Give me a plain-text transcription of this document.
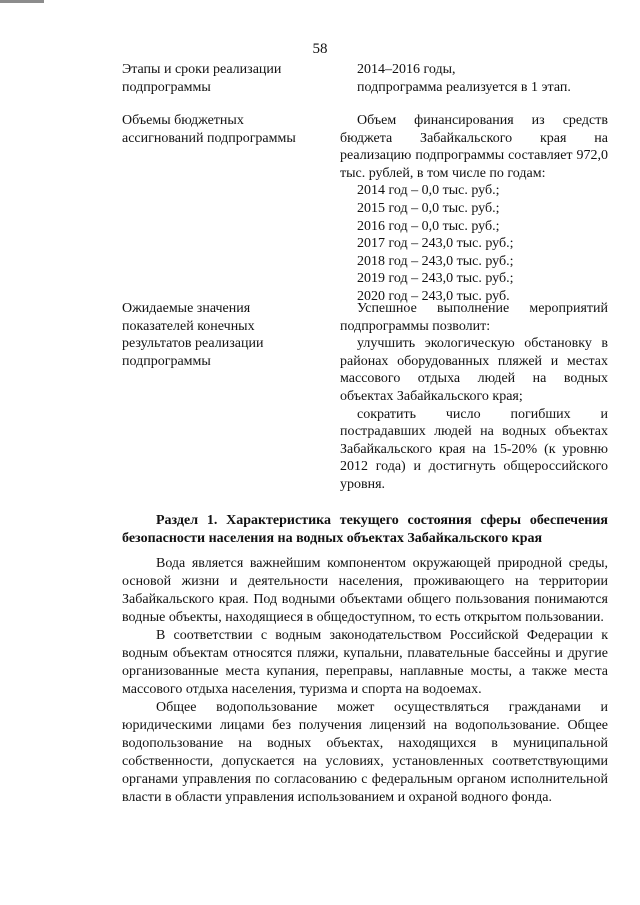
58
Этапы и сроки реализации
подпрограммы
2014–2016 годы,
подпрограмма реализуется в 1 этап.
Объемы бюджетных
ассигнований подпрограммы
Объем финансирования из средств бюджета Забайкальского края на реализацию подпрограммы составляет 972,0 тыс. рублей, в том числе по годам:
2014 год – 0,0 тыс. руб.;
2015 год – 0,0 тыс. руб.;
2016 год – 0,0 тыс. руб.;
2017 год – 243,0 тыс. руб.;
2018 год – 243,0 тыс. руб.;
2019 год – 243,0 тыс. руб.;
2020 год – 243,0 тыс. руб.
Ожидаемые значения
показателей конечных
результатов реализации
подпрограммы
Успешное выполнение мероприятий подпрограммы позволит:
улучшить экологическую обстановку в районах оборудованных пляжей и местах массового отдыха людей на водных объектах Забайкальского края;
сократить число погибших и пострадавших людей на водных объектах Забайкальского края на 15-20% (к уровню 2012 года) и достигнуть общероссийского уровня.
Раздел 1. Характеристика текущего состояния сферы обеспечения безопасности населения на водных объектах Забайкальского края

Вода является важнейшим компонентом окружающей природной среды, основой жизни и деятельности населения, проживающего на территории Забайкальского края. Под водными объектами общего пользования понимаются водные объекты, находящиеся в общедоступном, то есть открытом пользовании.

В соответствии с водным законодательством Российской Федерации к водным объектам относятся пляжи, купальни, плавательные бассейны и другие организованные места купания, переправы, наплавные мосты, а также места массового отдыха населения, туризма и спорта на водоемах.

Общее водопользование может осуществляться гражданами и юридическими лицами без получения лицензий на водопользование. Общее водопользование на водных объектах, находящихся в муниципальной собственности, допускается на условиях, установленных соответствующими органами управления по согласованию с федеральным органом исполнительной власти в области управления использованием и охраной водного фонда.
